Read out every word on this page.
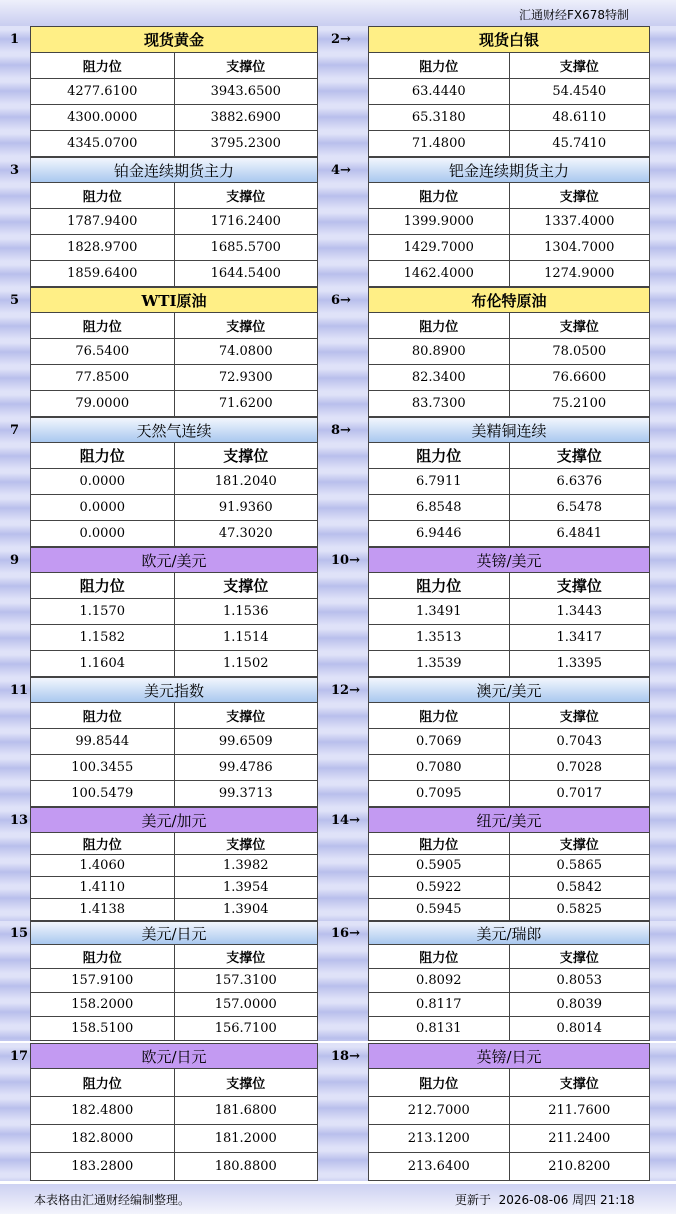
汇通财经FX678特制
1	2→
现货黄金
阻力位	支撑位
4277.6100	3943.6500
4300.0000	3882.6900
4345.0700	3795.2300
现货白银
阻力位	支撑位
63.4440	54.4540
65.3180	48.6110
71.4800	45.7410
3	4→
铂金连续期货主力
阻力位	支撑位
1787.9400	1716.2400
1828.9700	1685.5700
1859.6400	1644.5400
钯金连续期货主力
阻力位	支撑位
1399.9000	1337.4000
1429.7000	1304.7000
1462.4000	1274.9000
5	6→
WTI原油
阻力位	支撑位
76.5400	74.0800
77.8500	72.9300
79.0000	71.6200
布伦特原油
阻力位	支撑位
80.8900	78.0500
82.3400	76.6600
83.7300	75.2100
7	8→
天然气连续
阻力位	支撑位
0.0000	181.2040
0.0000	91.9360
0.0000	47.3020
美精铜连续
阻力位	支撑位
6.7911	6.6376
6.8548	6.5478
6.9446	6.4841
9	10→
欧元/美元
阻力位	支撑位
1.1570	1.1536
1.1582	1.1514
1.1604	1.1502
英镑/美元
阻力位	支撑位
1.3491	1.3443
1.3513	1.3417
1.3539	1.3395
11	12→
美元指数
阻力位	支撑位
99.8544	99.6509
100.3455	99.4786
100.5479	99.3713
澳元/美元
阻力位	支撑位
0.7069	0.7043
0.7080	0.7028
0.7095	0.7017
13	14→
美元/加元
阻力位	支撑位
1.4060	1.3982
1.4110	1.3954
1.4138	1.3904
纽元/美元
阻力位	支撑位
0.5905	0.5865
0.5922	0.5842
0.5945	0.5825
15	16→
美元/日元
阻力位	支撑位
157.9100	157.3100
158.2000	157.0000
158.5100	156.7100
美元/瑞郎
阻力位	支撑位
0.8092	0.8053
0.8117	0.8039
0.8131	0.8014
17	18→
欧元/日元
阻力位	支撑位
182.4800	181.6800
182.8000	181.2000
183.2800	180.8800
英镑/日元
阻力位	支撑位
212.7000	211.7600
213.1200	211.2400
213.6400	210.8200
本表格由汇通财经编制整理。	更新于  2026-08-06 周四 21:18
